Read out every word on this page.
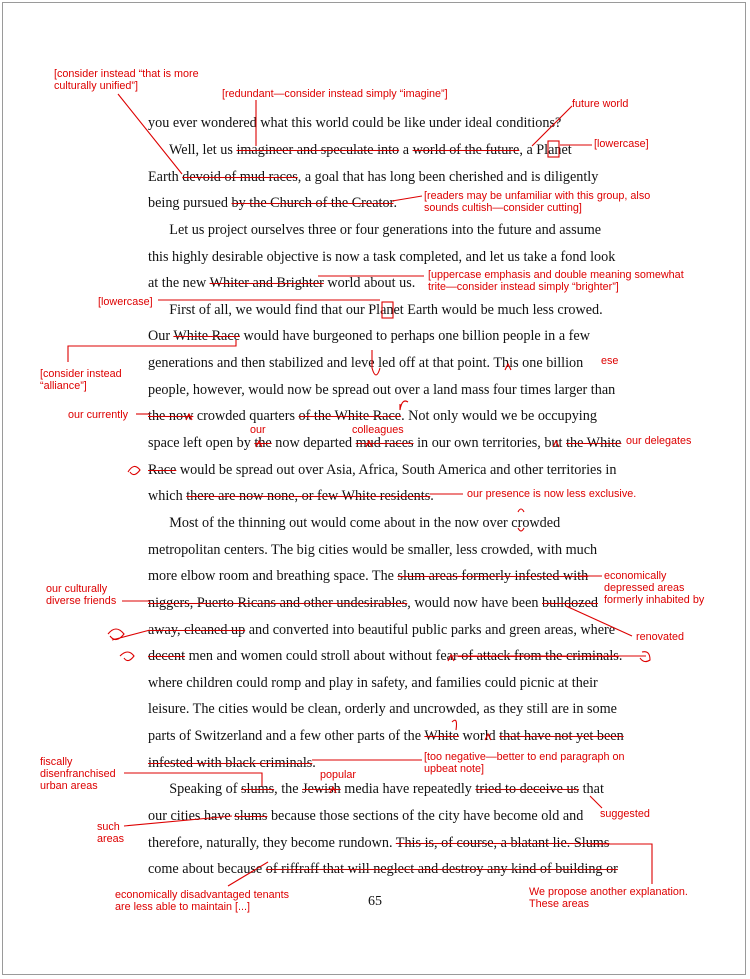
you ever wondered what this world could be like under ideal conditions?
Well, let us imagineer and speculate into a world of the future, a Planet
Earth devoid of mud races, a goal that has long been cherished and is diligently
being pursued by the Church of the Creator.
Let us project ourselves three or four generations into the future and assume
this highly desirable objective is now a task completed, and let us take a fond look
at the new Whiter and Brighter world about us.
First of all, we would find that our Planet Earth would be much less crowed.
Our White Race would have burgeoned to perhaps one billion people in a few
generations and then stabilized and leve led off at that point. This one billion
people, however, would now be spread out over a land mass four times larger than
the now crowded quarters of the White Race. Not only would we be occupying
space left open by the now departed mud races in our own territories, but the White
Race would be spread out over Asia, Africa, South America and other territories in
which there are now none, or few White residents.
Most of the thinning out would come about in the now over crowded
metropolitan centers. The big cities would be smaller, less crowded, with much
more elbow room and breathing space. The slum areas formerly infested with
niggers, Puerto Ricans and other undesirables, would now have been bulldozed
away, cleaned up and converted into beautiful public parks and green areas, where
decent men and women could stroll about without fear of attack from the criminals.
where children could romp and play in safety, and families could picnic at their
leisure. The cities would be clean, orderly and uncrowded, as they still are in some
parts of Switzerland and a few other parts of the White world that have not yet been
infested with black criminals.
Speaking of slums, the Jewish media have repeatedly tried to deceive us that
our cities have slums because those sections of the city have become old and
therefore, naturally, they become rundown. This is, of course, a blatant lie. Slums
come about because of riffraff that will neglect and destroy any kind of building or
[consider instead “that is more
culturally unified”]
[redundant—consider instead simply “imagine”]
future world
[lowercase]
[readers may be unfamiliar with this group, also
sounds cultish—consider cutting]
[uppercase emphasis and double meaning somewhat
trite—consider instead simply “brighter”]
[lowercase]
[consider instead
“alliance”]
ese
our currently
our	colleagues
our delegates
our presence is now less exclusive.
our culturally
diverse friends
economically
depressed areas
formerly inhabited by
renovated
[too negative—better to end paragraph on
upbeat note]
fiscally
disenfranchised
urban areas
popular
suggested
such
areas
economically disadvantaged tenants
are less able to maintain [...]
We propose another explanation.
These areas
65
